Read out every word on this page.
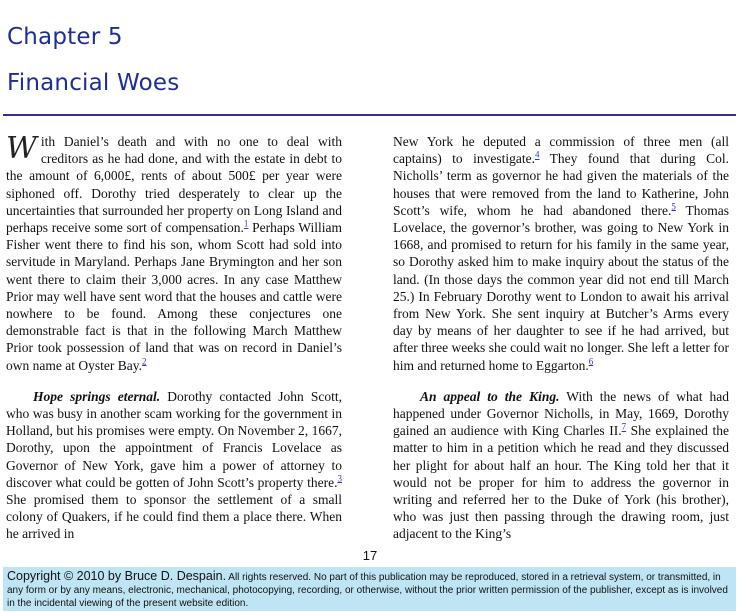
Chapter 5
Financial Woes

With Daniel’s death and with no one to deal with creditors as he had done, and with the estate in debt to the amount of 6,000£, rents of about 500£ per year were siphoned off. Dorothy tried desperately to clear up the uncertainties that surrounded her property on Long Island and perhaps receive some sort of compensation.$^1$ Perhaps William Fisher went there to find his son, whom Scott had sold into servitude in Maryland. Perhaps Jane Brymington and her son went there to claim their 3,000 acres. In any case Matthew Prior may well have sent word that the houses and cattle were nowhere to be found. Among these conjectures one demonstrable fact is that in the following March Matthew Prior took possession of land that was on record in Daniel’s own name at Oyster Bay.$^2$

Hope springs eternal. Dorothy contacted John Scott, who was busy in another scam working for the government in Holland, but his promises were empty. On November 2, 1667, Dorothy, upon the appointment of Francis Lovelace as Governor of New York, gave him a power of attorney to discover what could be gotten of John Scott’s property there.$^3$ She promised them to sponsor the settlement of a small colony of Quakers, if he could find them a place there. When he arrived in

New York he deputed a commission of three men (all captains) to investigate.$^4$ They found that during Col. Nicholls’ term as governor he had given the materials of the houses that were removed from the land to Katherine, John Scott’s wife, whom he had abandoned there.$^5$ Thomas Lovelace, the governor’s brother, was going to New York in 1668, and promised to return for his family in the same year, so Dorothy asked him to make inquiry about the status of the land. (In those days the common year did not end till March 25.) In February Dorothy went to London to await his arrival from New York. She sent inquiry at Butcher’s Arms every day by means of her daughter to see if he had arrived, but after three weeks she could wait no longer. She left a letter for him and returned home to Eggarton.$^6$

An appeal to the King. With the news of what had happened under Governor Nicholls, in May, 1669, Dorothy gained an audience with King Charles II.$^7$ She explained the matter to him in a petition which he read and they discussed her plight for about half an hour. The King told her that it would not be proper for him to address the governor in writing and referred her to the Duke of York (his brother), who was just then passing through the drawing room, just adjacent to the King’s

17
Copyright © 2010 by Bruce D. Despain. All rights reserved. No part of this publication may be reproduced, stored in a retrieval system, or transmitted, in any form or by any means, electronic, mechanical, photocopying, recording, or otherwise, without the prior written permission of the publisher, except as is involved in the incidental viewing of the present website edition.
